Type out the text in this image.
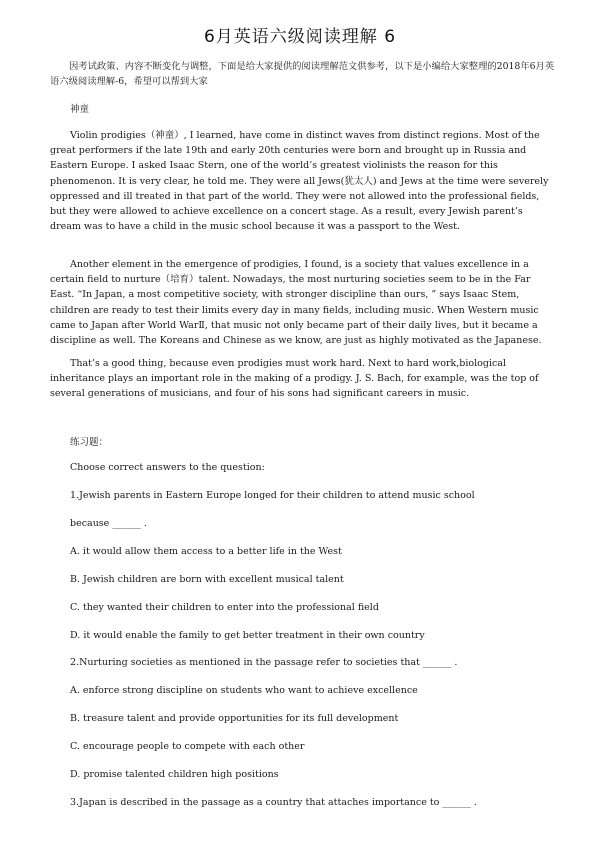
6月英语六级阅读理解 6

因考试政策、内容不断变化与调整，下面是给大家提供的阅读理解范文供参考，以下是小编给大家整理的2018年6月英语六级阅读理解-6，希望可以帮到大家

神童

Violin prodigies（神童）, I learned, have come in distinct waves from distinct regions. Most of the great performers if the late 19th and early 20th centuries were born and brought up in Russia and Eastern Europe. I asked Isaac Stern, one of the world’s greatest violinists the reason for this phenomenon. It is very clear, he told me. They were all Jews(犹太人) and Jews at the time were severely oppressed and ill treated in that part of the world. They were not allowed into the professional fields, but they were allowed to achieve excellence on a concert stage. As a result, every Jewish parent’s dream was to have a child in the music school because it was a passport to the West.

Another element in the emergence of prodigies, I found, is a society that values excellence in a certain field to nurture（培育）talent. Nowadays, the most nurturing societies seem to be in the Far East. “In Japan, a most competitive society, with stronger discipline than ours, ” says Isaac Stem, children are ready to test their limits every day in many fields, including music. When Western music came to Japan after World WarⅡ, that music not only became part of their daily lives, but it became a discipline as well. The Koreans and Chinese as we know, are just as highly motivated as the Japanese.

That’s a good thing, because even prodigies must work hard. Next to hard work,biological inheritance plays an important role in the making of a prodigy. J. S. Bach, for example, was the top of several generations of musicians, and four of his sons had significant careers in music.

练习题：

Choose correct answers to the question:

1.Jewish parents in Eastern Europe longed for their children to attend music school

because ______ .

A. it would allow them access to a better life in the West

B. Jewish children are born with excellent musical talent

C. they wanted their children to enter into the professional field

D. it would enable the family to get better treatment in their own country

2.Nurturing societies as mentioned in the passage refer to societies that ______ .

A. enforce strong discipline on students who want to achieve excellence

B. treasure talent and provide opportunities for its full development

C. encourage people to compete with each other

D. promise talented children high positions

3.Japan is described in the passage as a country that attaches importance to ______ .
